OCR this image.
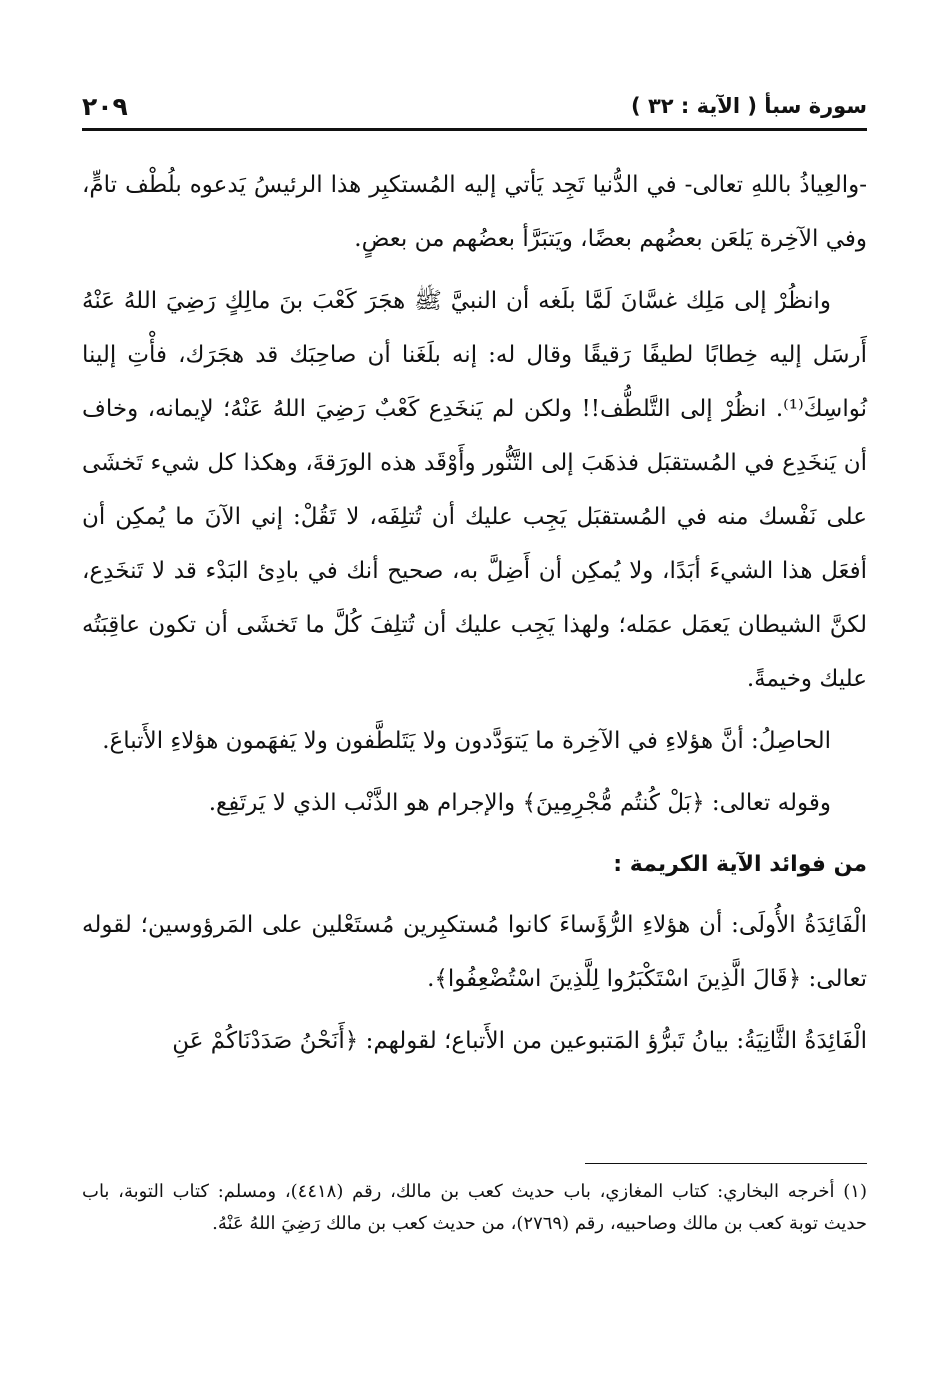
٢٠٩	سورة سبأ ( الآية : ٣٢ )

-والعِياذُ باللهِ تعالى- في الدُّنيا تَجِد يَأتي إليه المُستكبِر هذا الرئيسُ يَدعوه بلُطْف تامٍّ، وفي الآخِرة يَلعَن بعضُهم بعضًا، ويَتبَرَّأ بعضُهم من بعضٍ.

وانظُرْ إلى مَلِك غسَّانَ لَمَّا بلَغه أن النبيَّ ﷺ هجَرَ كَعْبَ بنَ مالِكٍ رَضِيَ اللهُ عَنْهُ أَرسَل إليه خِطابًا لطيفًا رَقيقًا وقال له: إنه بلَغَنا أن صاحِبَك قد هجَرَك، فأْتِ إلينا نُواسِكَ⁽¹⁾. انظُرْ إلى التَّلطُّف!! ولكن لم يَنخَدِع كَعْبٌ رَضِيَ اللهُ عَنْهُ؛ لإيمانه، وخاف أن يَنخَدِع في المُستقبَل فذهَبَ إلى التَّنُّور وأَوْقَد هذه الورَقةَ، وهكذا كل شيء تَخشَى على نَفْسك منه في المُستقبَل يَجِب عليك أن تُتلِفَه، لا تَقُلْ: إني الآنَ ما يُمكِن أن أفعَل هذا الشيءَ أبَدًا، ولا يُمكِن أن أَضِلَّ به، صحيح أنك في بادِئ البَدْء قد لا تَنخَدِع، لكنَّ الشيطان يَعمَل عمَله؛ ولهذا يَجِب عليك أن تُتلِفَ كُلَّ ما تَخشَى أن تكون عاقِبَتُه عليك وخيمةً.

الحاصِلُ: أنَّ هؤلاءِ في الآخِرة ما يَتوَدَّدون ولا يَتَلطَّفون ولا يَفهَمون هؤلاءِ الأَتباعَ.

وقوله تعالى: ﴿بَلْ كُنتُم مُّجْرِمِينَ﴾ والإجرام هو الذَّنْب الذي لا يَرتَفِع.

من فوائد الآية الكريمة :

الْفَائِدَةُ الأُولَى: أن هؤلاءِ الرُّؤَساءَ كانوا مُستكبِرين مُستَعْلين على المَرؤوسين؛ لقوله تعالى: ﴿قَالَ الَّذِينَ اسْتَكْبَرُوا لِلَّذِينَ اسْتُضْعِفُوا﴾.

الْفَائِدَةُ الثَّانِيَةُ: بيانُ تَبرُّؤ المَتبوعين من الأَتباع؛ لقولهم: ﴿أَنَحْنُ صَدَدْنَاكُمْ عَنِ

(١) أخرجه البخاري: كتاب المغازي، باب حديث كعب بن مالك، رقم (٤٤١٨)، ومسلم: كتاب التوبة، باب حديث توبة كعب بن مالك وصاحبيه، رقم (٢٧٦٩)، من حديث كعب بن مالك رَضِيَ اللهُ عَنْهُ.
